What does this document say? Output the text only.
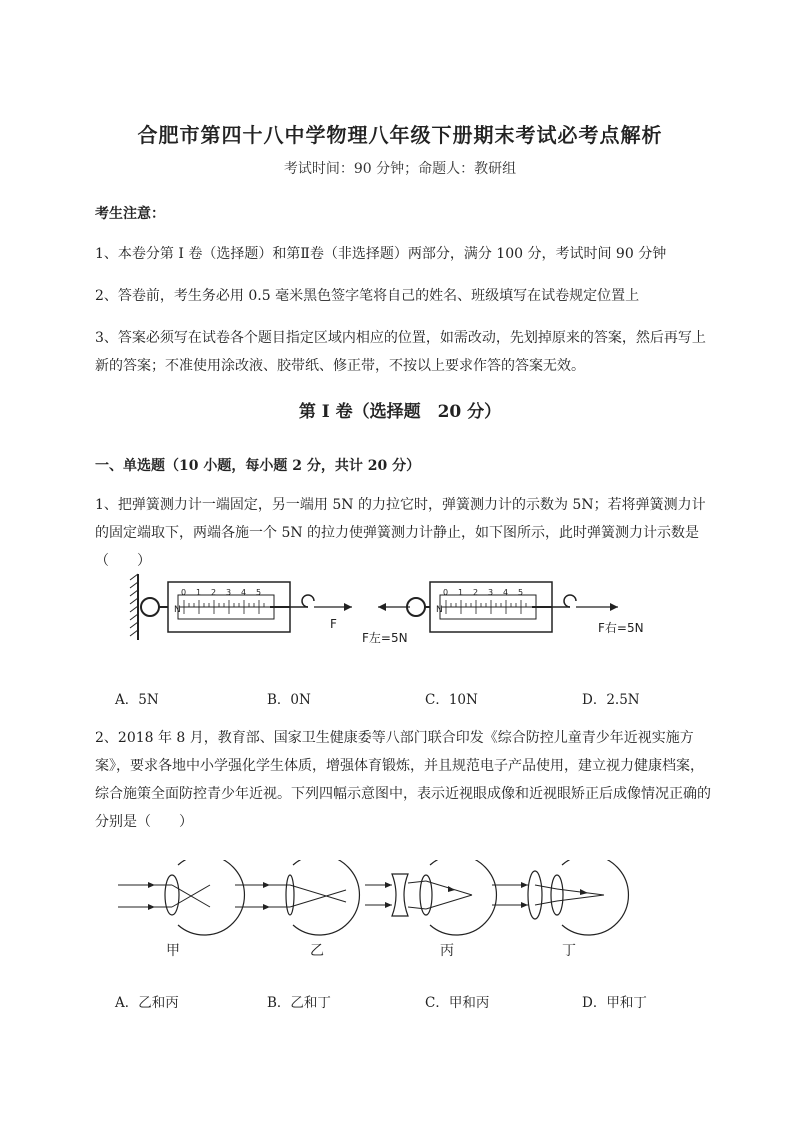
合肥市第四十八中学物理八年级下册期末考试必考点解析
考试时间：90 分钟；命题人：教研组
考生注意：
1、本卷分第 I 卷（选择题）和第Ⅱ卷（非选择题）两部分，满分 100 分，考试时间 90 分钟
2、答卷前，考生务必用 0.5 毫米黑色签字笔将自己的姓名、班级填写在试卷规定位置上
3、答案必须写在试卷各个题目指定区域内相应的位置，如需改动，先划掉原来的答案，然后再写上新的答案；不准使用涂改液、胶带纸、修正带，不按以上要求作答的答案无效。
第 I 卷（选择题　20 分）
一、单选题（10 小题，每小题 2 分，共计 20 分）
1、把弹簧测力计一端固定，另一端用 5N 的力拉它时，弹簧测力计的示数为 5N；若将弹簧测力计的固定端取下，两端各施一个 5N 的拉力使弹簧测力计静止，如下图所示，此时弹簧测力计示数是（　　）
N
0 1 2 3 4 5
F
N
0 1 2 3 4 5
F左=5N
F右=5N
A．5N	B．0N	C．10N	D．2.5N
2、2018 年 8 月，教育部、国家卫生健康委等八部门联合印发《综合防控儿童青少年近视实施方案》，要求各地中小学强化学生体质，增强体育锻炼，并且规范电子产品使用，建立视力健康档案，综合施策全面防控青少年近视。下列四幅示意图中，表示近视眼成像和近视眼矫正后成像情况正确的分别是（　　）
甲	乙	丙	丁
A．乙和丙	B．乙和丁	C．甲和丙	D．甲和丁
